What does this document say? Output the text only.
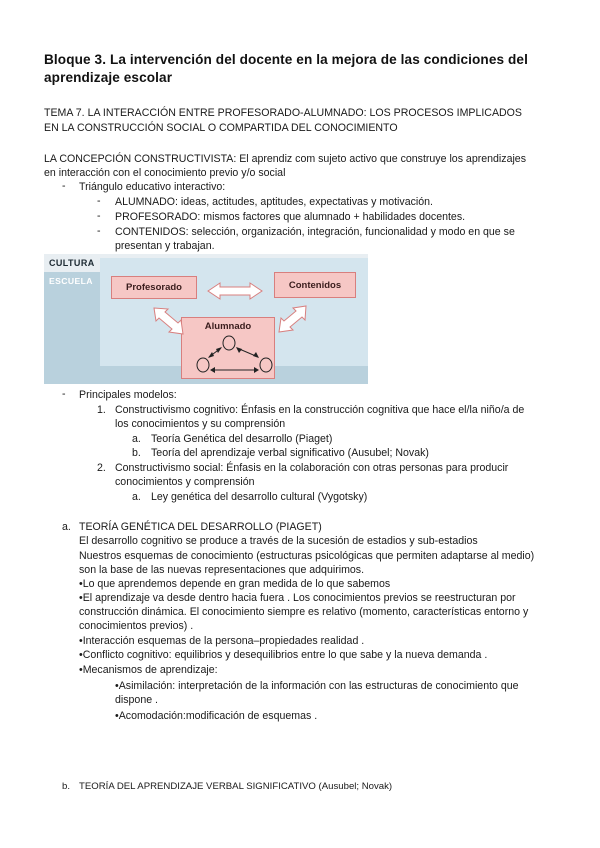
Bloque 3. La intervención del docente en la mejora de las condiciones del
aprendizaje escolar
TEMA 7. LA INTERACCIÓN ENTRE PROFESORADO-ALUMNADO: LOS PROCESOS IMPLICADOS
EN LA CONSTRUCCIÓN SOCIAL O COMPARTIDA DEL CONOCIMIENTO
LA CONCEPCIÓN CONSTRUCTIVISTA: El aprendiz com sujeto activo que construye los aprendizajes
en interacción con el conocimiento previo y/o social
- Triángulo educativo interactivo:
- ALUMNADO: ideas, actitudes, aptitudes, expectativas y motivación.
- PROFESORADO: mismos factores que alumnado + habilidades docentes.
- CONTENIDOS: selección, organización, integración, funcionalidad y modo en que se
presentan y trabajan.
CULTURA
ESCUELA
Profesorado	Contenidos
Alumnado
- Principales modelos:
1. Constructivismo cognitivo: Énfasis en la construcción cognitiva que hace el/la niño/a de
los conocimientos y su comprensión
a. Teoría Genética del desarrollo (Piaget)
b. Teoría del aprendizaje verbal significativo (Ausubel; Novak)
2. Constructivismo social: Énfasis en la colaboración con otras personas para producir
conocimientos y comprensión
a. Ley genética del desarrollo cultural (Vygotsky)
a. TEORÍA GENÉTICA DEL DESARROLLO (PIAGET)
El desarrollo cognitivo se produce a través de la sucesión de estadios y sub-estadios
Nuestros esquemas de conocimiento (estructuras psicológicas que permiten adaptarse al medio)
son la base de las nuevas representaciones que adquirimos.
•Lo que aprendemos depende en gran medida de lo que sabemos
•El aprendizaje va desde dentro hacia fuera . Los conocimientos previos se reestructuran por
construcción dinámica. El conocimiento siempre es relativo (momento, características entorno y
conocimientos previos) .
•Interacción esquemas de la persona–propiedades realidad .
•Conflicto cognitivo: equilibrios y desequilibrios entre lo que sabe y la nueva demanda .
•Mecanismos de aprendizaje:
•Asimilación: interpretación de la información con las estructuras de conocimiento que
dispone .
•Acomodación:modificación de esquemas .
b. TEORÍA DEL APRENDIZAJE VERBAL SIGNIFICATIVO (Ausubel; Novak)
